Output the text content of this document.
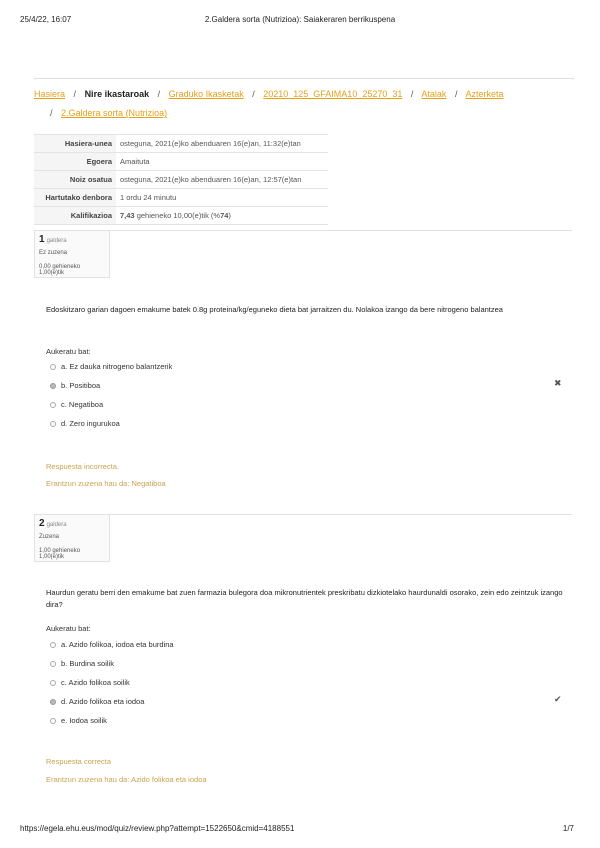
25/4/22, 16:07	2.Galdera sorta (Nutrizioa): Saiakeraren berrikuspena
Hasiera / Nire ikastaroak / Graduko Ikasketak / 20210_125_GFAIMA10_25270_31 / Atalak / Azterketa
/ 2.Galdera sorta (Nutrizioa)
Hasiera-unea	osteguna, 2021(e)ko abenduaren 16(e)an, 11:32(e)tan
Egoera	Amaituta
Noiz osatua	osteguna, 2021(e)ko abenduaren 16(e)an, 12:57(e)tan
Hartutako denbora	1 ordu 24 minutu
Kalifikazioa	7,43 gehieneko 10,00(e)tik (%74)
1 galdera
Ez zuzena
0,00 gehieneko 1,00(e)tik
Edoskitzaro garian dagoen emakume batek 0.8g proteina/kg/eguneko dieta bat jarraitzen du. Nolakoa izango da bere nitrogeno balantzea
Aukeratu bat:
a. Ez dauka nitrogeno balantzerik
b. Positiboa
c. Negatiboa
d. Zero ingurukoa
✖
Respuesta incorrecta.
Erantzun zuzena hau da: Negatiboa
2 galdera
Zuzena
1,00 gehieneko 1,00(e)tik
Haurdun geratu berri den emakume bat zuen farmazia bulegora doa mikronutrientek preskribatu dizkiotelako haurdunaldi osorako, zein edo zeintzuk izango dira?
Aukeratu bat:
a. Azido folikoa, iodoa eta burdina
b. Burdina soilik
c. Azido folikoa soilik
d. Azido folikoa eta iodoa
e. Iodoa soilik
✔
Respuesta correcta
Erantzun zuzena hau da: Azido folikoa eta iodoa
https://egela.ehu.eus/mod/quiz/review.php?attempt=1522650&cmid=4188551	1/7
